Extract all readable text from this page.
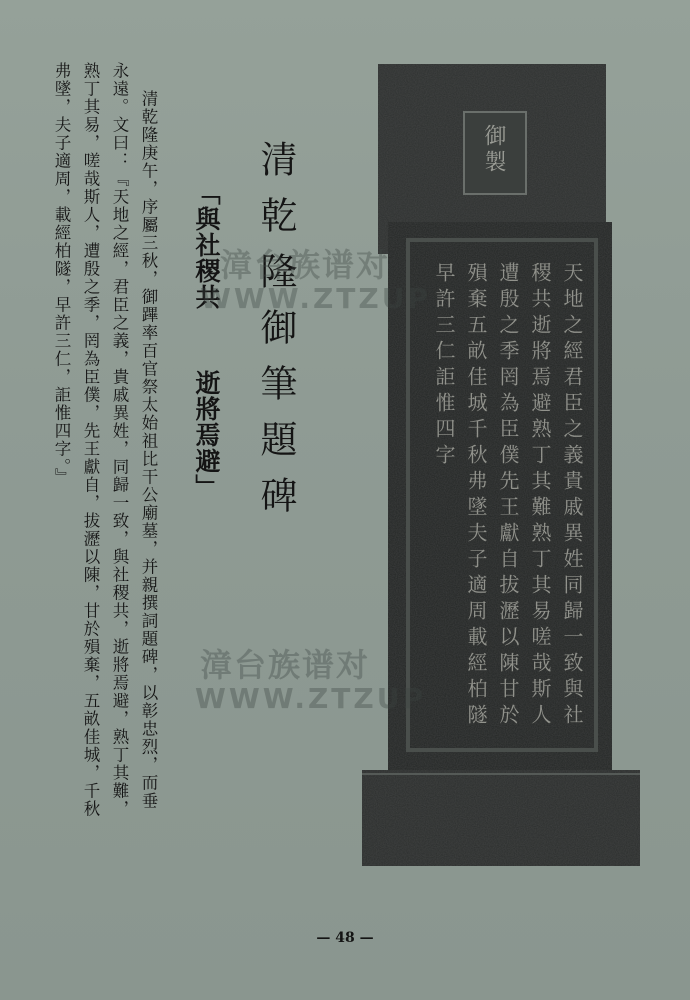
御製
天地之經君臣之義貴戚異姓同歸一致與社
稷共逝將焉避熟丁其難熟丁其易嗟哉斯人
遭殷之季罔為臣僕先王獻自拔瀝以陳甘於
殞棄五畝佳城千秋弗墜夫子適周載經柏隧
早許三仁詎惟四字
清乾隆御筆題碑
「與社稷共
逝將焉避」
清乾隆庚午，序屬三秋，御蹕率百官祭太始祖比干公廟墓，并親撰詞題碑，以彰忠烈，而垂
永遠。文曰：『天地之經，君臣之義，貴戚異姓，同歸一致，與社稷共，逝將焉避，熟丁其難，
熟丁其易，嗟哉斯人，遭殷之季，罔為臣僕，先王獻自，拔瀝以陳，甘於殞棄，五畝佳城，千秋
弗墜，夫子適周，載經柏隧，早許三仁，詎惟四字。』	漳台族谱对
WWW.ZTZUP
漳台族谱对
WWW.ZTZUP
— 48 —
